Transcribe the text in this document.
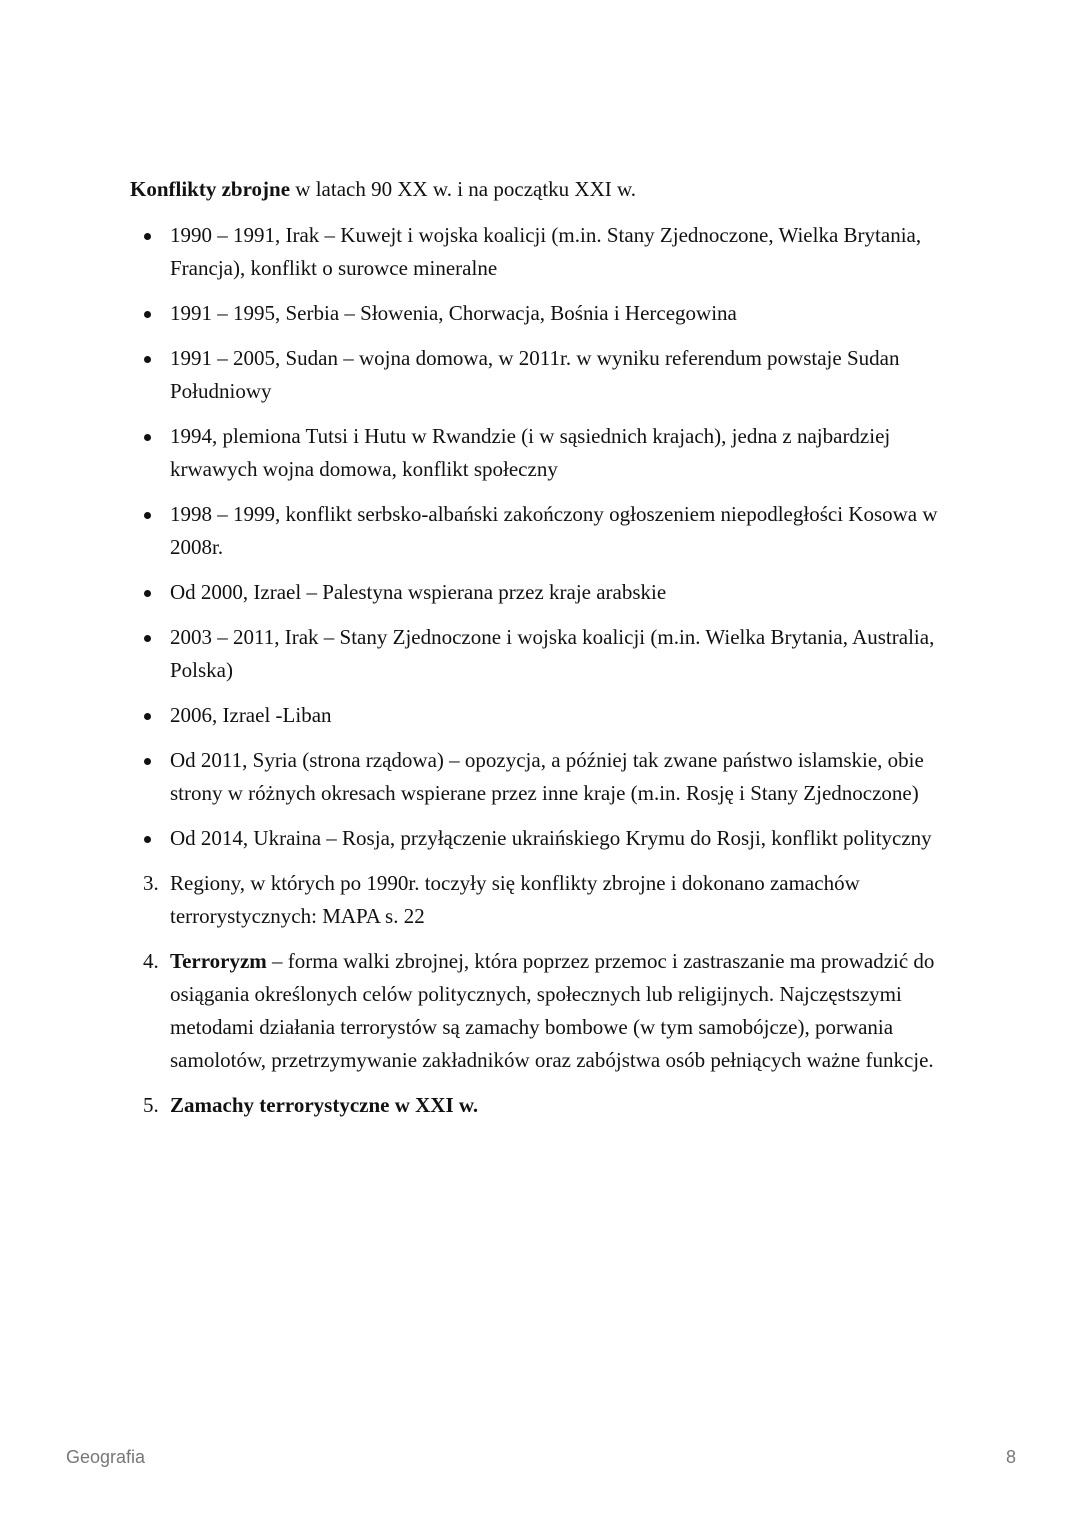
Konflikty zbrojne w latach 90 XX w. i na początku XXI w.

1990 – 1991, Irak – Kuwejt i wojska koalicji (m.in. Stany Zjednoczone, Wielka Brytania, Francja), konflikt o surowce mineralne
1991 – 1995, Serbia – Słowenia, Chorwacja, Bośnia i Hercegowina
1991 – 2005, Sudan – wojna domowa, w 2011r. w wyniku referendum powstaje Sudan Południowy
1994, plemiona Tutsi i Hutu w Rwandzie (i w sąsiednich krajach), jedna z najbardziej krwawych wojna domowa, konflikt społeczny
1998 – 1999, konflikt serbsko-albański zakończony ogłoszeniem niepodległości Kosowa w 2008r.
Od 2000, Izrael – Palestyna wspierana przez kraje arabskie
2003 – 2011, Irak – Stany Zjednoczone i wojska koalicji (m.in. Wielka Brytania, Australia, Polska)
2006, Izrael -Liban
Od 2011, Syria (strona rządowa) – opozycja, a później tak zwane państwo islamskie, obie strony w różnych okresach wspierane przez inne kraje (m.in. Rosję i Stany Zjednoczone)
Od 2014, Ukraina – Rosja, przyłączenie ukraińskiego Krymu do Rosji, konflikt polityczny
3. Regiony, w których po 1990r. toczyły się konflikty zbrojne i dokonano zamachów terrorystycznych: MAPA s. 22
4. Terroryzm – forma walki zbrojnej, która poprzez przemoc i zastraszanie ma prowadzić do osiągania określonych celów politycznych, społecznych lub religijnych. Najczęstszymi metodami działania terrorystów są zamachy bombowe (w tym samobójcze), porwania samolotów, przetrzymywanie zakładników oraz zabójstwa osób pełniących ważne funkcje.
5. Zamachy terrorystyczne w XXI w.
Geografia	8
